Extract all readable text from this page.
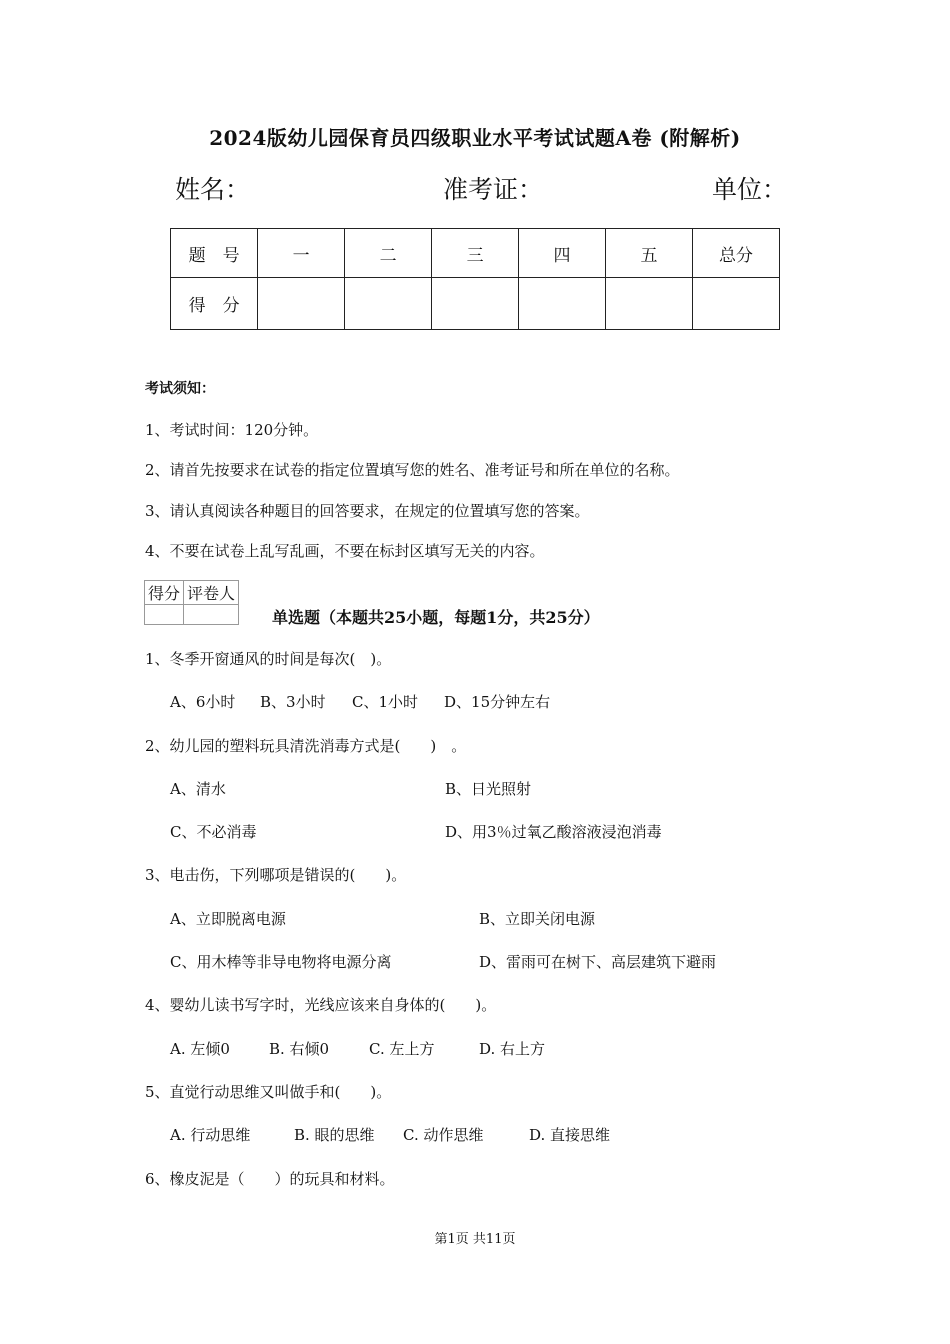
2024版幼儿园保育员四级职业水平考试试题A卷 (附解析)
姓名：	准考证：	单位：
题　号	一	二	三	四	五	总分
得　分						
考试须知：
1、考试时间：120分钟。
2、请首先按要求在试卷的指定位置填写您的姓名、准考证号和所在单位的名称。
3、请认真阅读各种题目的回答要求，在规定的位置填写您的答案。
4、不要在试卷上乱写乱画，不要在标封区填写无关的内容。
得分	评卷人

单选题（本题共25小题，每题1分，共25分）
1、冬季开窗通风的时间是每次(　)。
A、6小时 B、3小时 C、1小时 D、15分钟左右
2、幼儿园的塑料玩具清洗消毒方式是(　　)　。
A、清水	B、日光照射
C、不必消毒	D、用3％过氧乙酸溶液浸泡消毒
3、电击伤，下列哪项是错误的(　　)。
A、立即脱离电源	B、立即关闭电源
C、用木棒等非导电物将电源分离	D、雷雨可在树下、高层建筑下避雨
4、婴幼儿读书写字时，光线应该来自身体的(　　)。
A. 左倾0	B. 右倾0	C. 左上方	D. 右上方
5、直觉行动思维又叫做手和(　　)。
A. 行动思维	B. 眼的思维 C. 动作思维	D. 直接思维
6、橡皮泥是（　　）的玩具和材料。
第1页 共11页
